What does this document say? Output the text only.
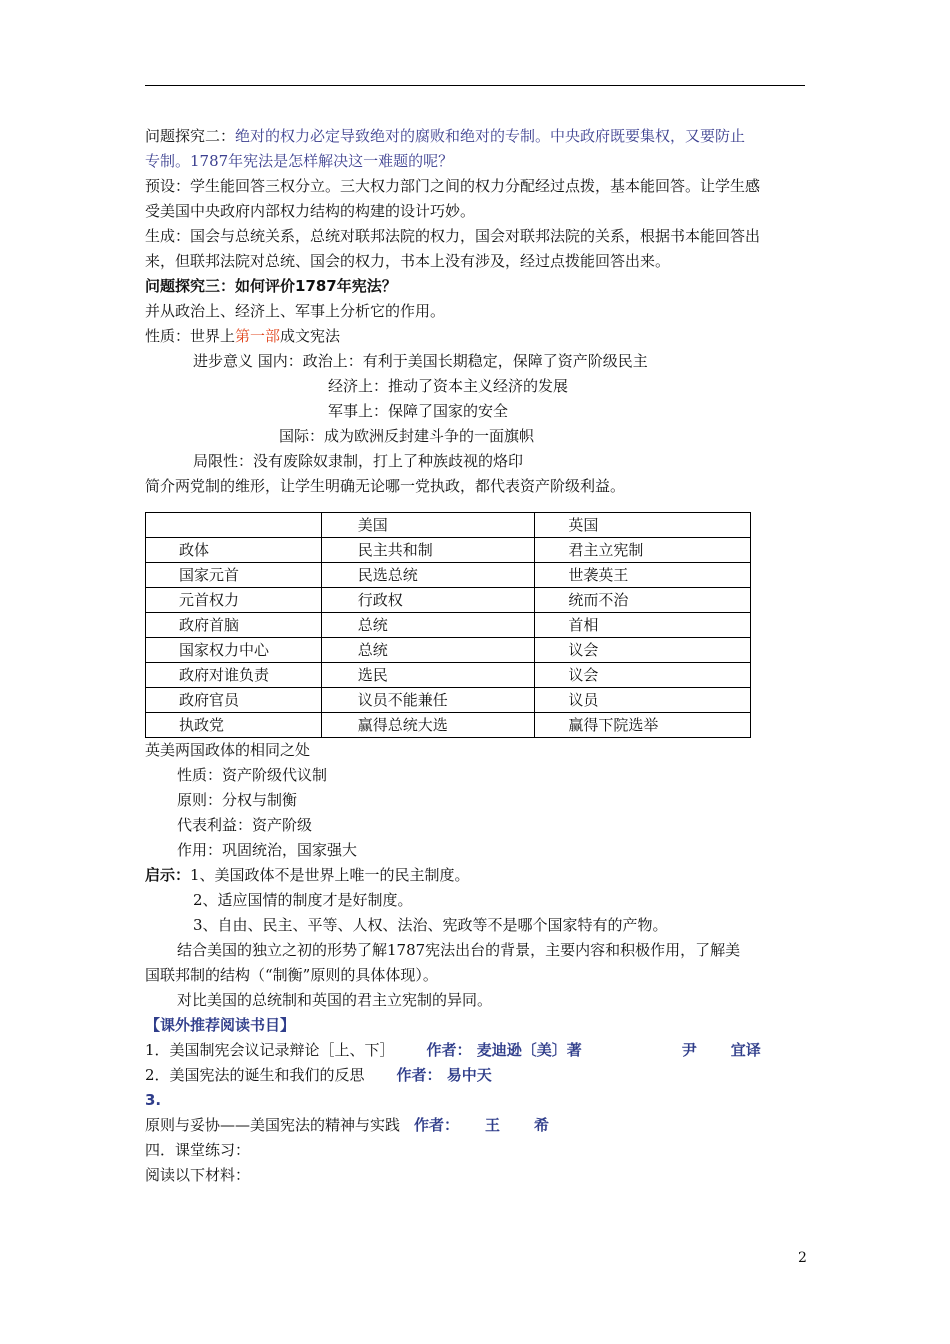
问题探究二：绝对的权力必定导致绝对的腐败和绝对的专制。中央政府既要集权，又要防止

专制。1787年宪法是怎样解决这一难题的呢？

预设：学生能回答三权分立。三大权力部门之间的权力分配经过点拨，基本能回答。让学生感

受美国中央政府内部权力结构的构建的设计巧妙。

生成：国会与总统关系，总统对联邦法院的权力，国会对联邦法院的关系，根据书本能回答出

来，但联邦法院对总统、国会的权力，书本上没有涉及，经过点拨能回答出来。

问题探究三：如何评价1787年宪法？

并从政治上、经济上、军事上分析它的作用。

性质：世界上第一部成文宪法

进步意义 国内：政治上：有利于美国长期稳定，保障了资产阶级民主

经济上：推动了资本主义经济的发展

军事上：保障了国家的安全

国际：成为欧洲反封建斗争的一面旗帜

局限性：没有废除奴隶制，打上了种族歧视的烙印

简介两党制的维形，让学生明确无论哪一党执政，都代表资产阶级利益。

	美国	英国
政体	民主共和制	君主立宪制
国家元首	民选总统	世袭英王
元首权力	行政权	统而不治
政府首脑	总统	首相
国家权力中心	总统	议会
政府对谁负责	选民	议会
政府官员	议员不能兼任	议员
执政党	赢得总统大选	赢得下院选举

英美两国政体的相同之处

性质：资产阶级代议制

原则：分权与制衡

代表利益：资产阶级

作用：巩固统治，国家强大

启示：1、美国政体不是世界上唯一的民主制度。

2、适应国情的制度才是好制度。

3、自由、民主、平等、人权、法治、宪政等不是哪个国家特有的产物。

结合美国的独立之初的形势了解1787宪法出台的背景，主要内容和积极作用，了解美

国联邦制的结构（“制衡”原则的具体体现）。

对比美国的总统制和英国的君主立宪制的异同。

【课外推荐阅读书目】

1．美国制宪会议记录辩论［上、下］ 作者： 麦迪逊〔美〕著	尹 宜译

2．美国宪法的诞生和我们的反思 作者： 易中天

3.

原则与妥协——美国宪法的精神与实践 作者： 王 希

四．课堂练习：

阅读以下材料：

2
